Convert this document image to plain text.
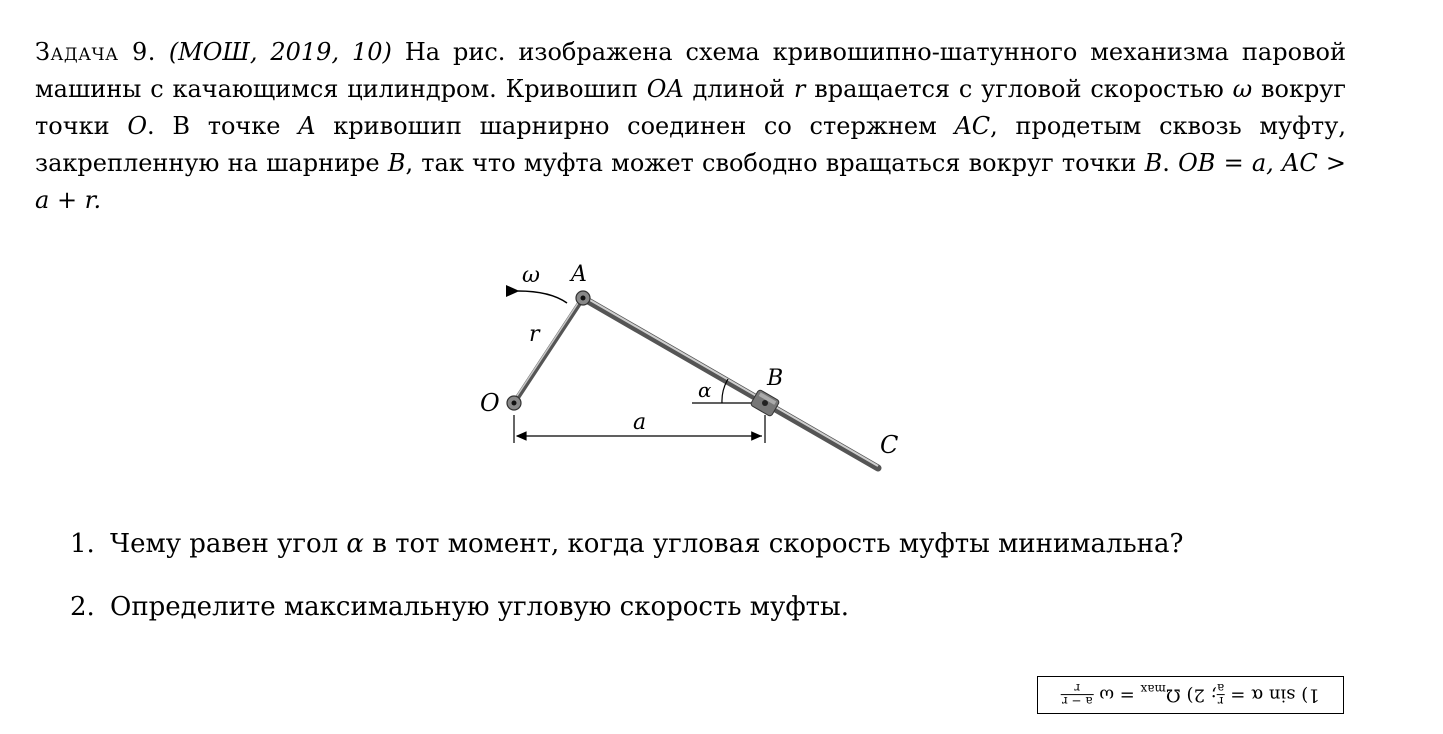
Задача 9. (МОШ, 2019, 10) На рис. изображена схема кривошипно-шатунного механизма паровой машины с качающимся цилиндром. Кривошип OA длиной r вращается с угловой скоростью ω вокруг точки O. В точке A кривошип шарнирно соединен со стержнем AC, продетым сквозь муфту, закрепленную на шарнире B, так что муфта может свободно вращаться вокруг точки B. OB = a, AC > a + r.

ω A
r
O	α	B
a
C
1. Чему равен угол α в тот момент, когда угловая скорость муфты минимальна?
2. Определите максимальную угловую скорость муфты.
1) sin α =
r
a
; 2) $\Omega_{max} = \omega$
a − r
r
